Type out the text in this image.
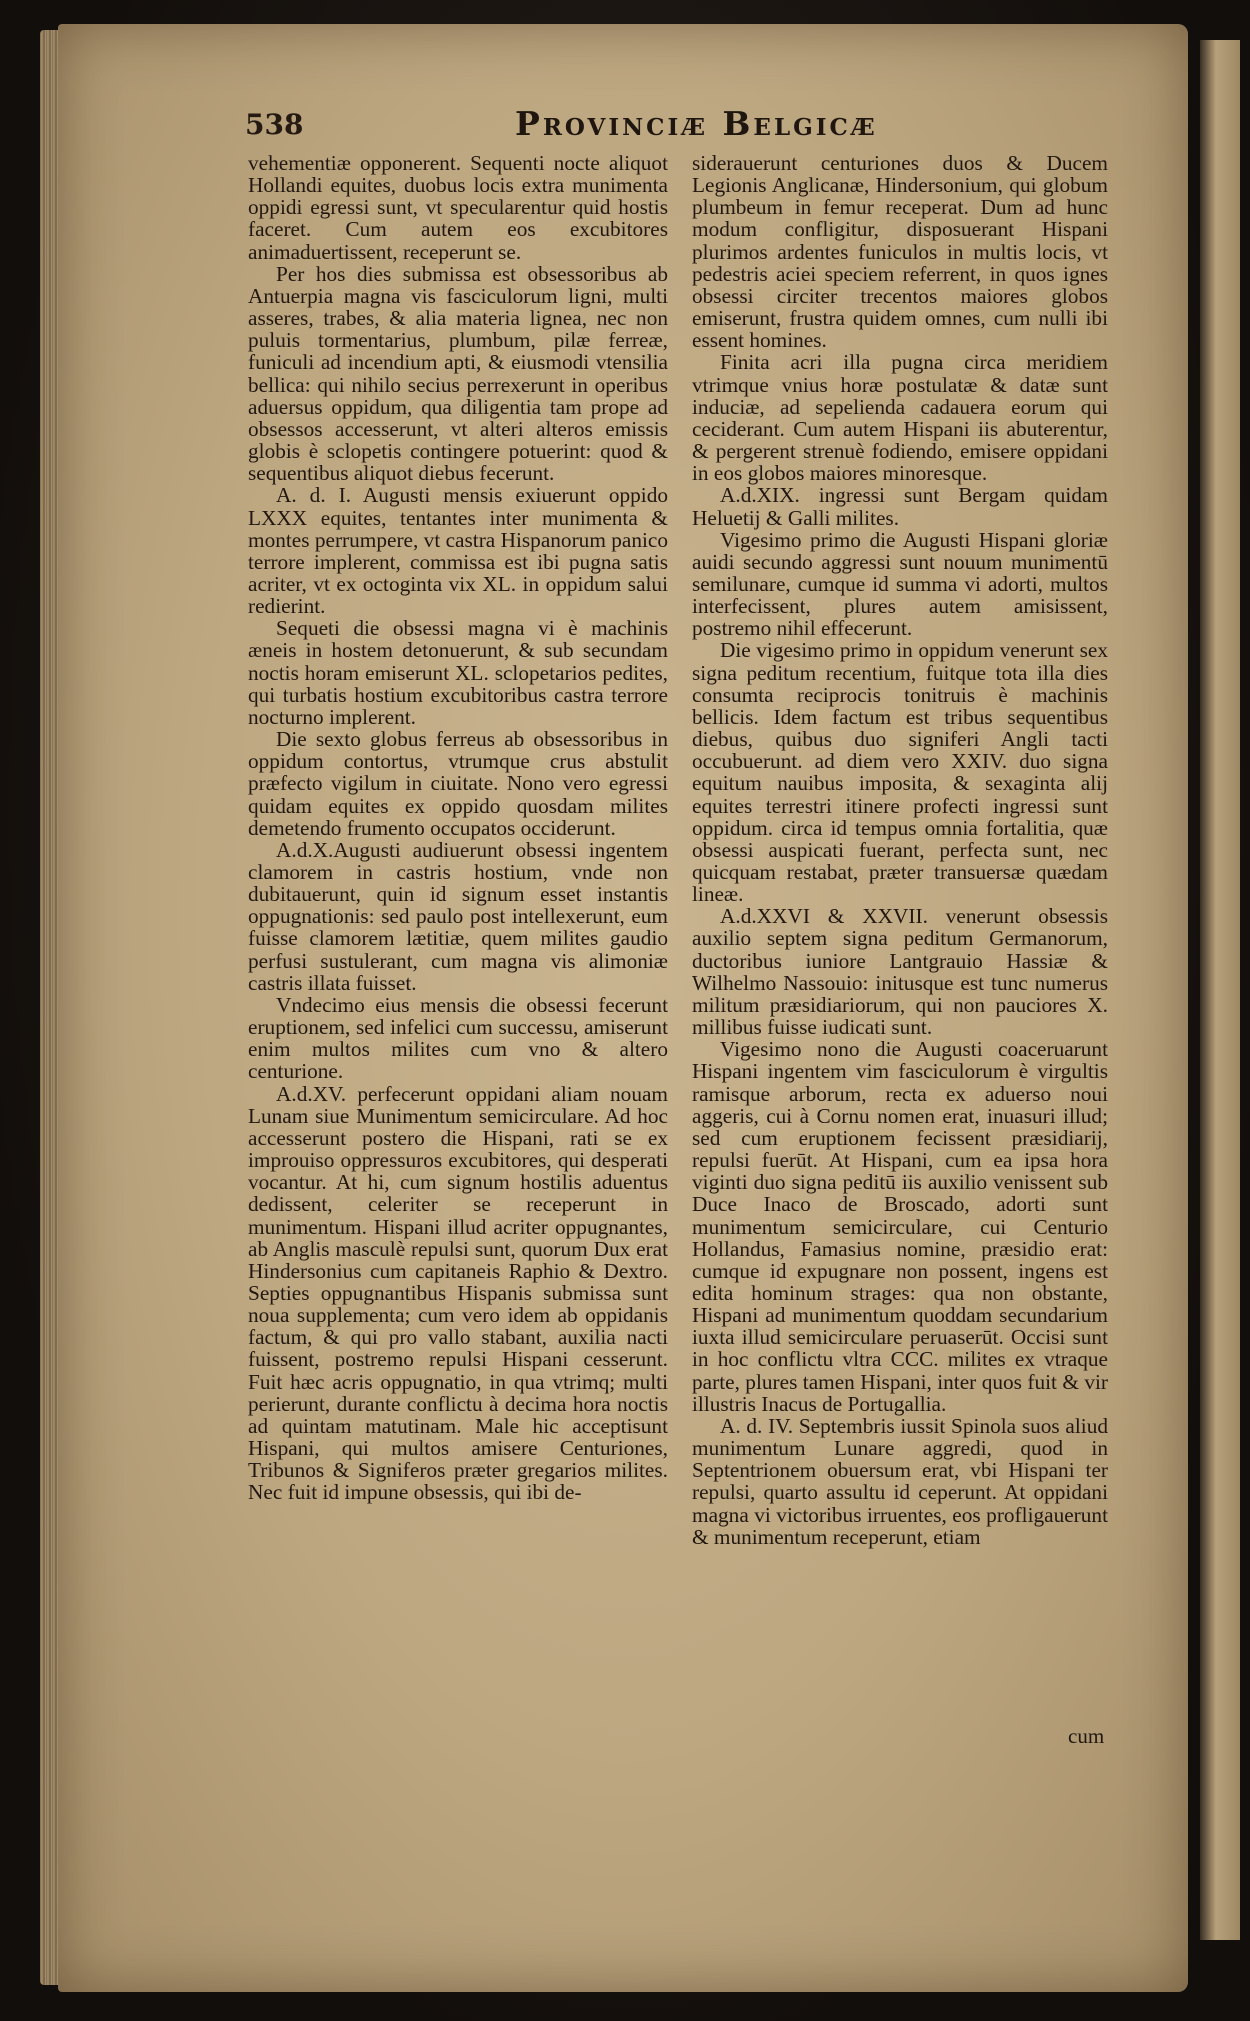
538	Provinciæ Belgicæ

vehementiæ opponerent. Sequenti nocte aliquot Hollandi equites, duobus locis extra munimenta oppidi egressi sunt, vt specularentur quid hostis faceret. Cum autem eos excubitores animaduertissent, receperunt se.

Per hos dies submissa est obsessoribus ab Antuerpia magna vis fasciculorum ligni, multi asseres, trabes, & alia materia lignea, nec non puluis tormentarius, plumbum, pilæ ferreæ, funiculi ad incendium apti, & eiusmodi vtensilia bellica: qui nihilo secius perrexerunt in operibus aduersus oppidum, qua diligentia tam prope ad obsessos accesserunt, vt alteri alteros emissis globis è sclopetis contingere potuerint: quod & sequentibus aliquot diebus fecerunt.

A. d. I. Augusti mensis exiuerunt oppido LXXX equites, tentantes inter munimenta & montes perrumpere, vt castra Hispanorum panico terrore implerent, commissa est ibi pugna satis acriter, vt ex octoginta vix XL. in oppidum salui redierint.

Sequeti die obsessi magna vi è machinis æneis in hostem detonuerunt, & sub secundam noctis horam emiserunt XL. sclopetarios pedites, qui turbatis hostium excubitoribus castra terrore nocturno implerent.

Die sexto globus ferreus ab obsessoribus in oppidum contortus, vtrumque crus abstulit præfecto vigilum in ciuitate. Nono vero egressi quidam equites ex oppido quosdam milites demetendo frumento occupatos occiderunt.

A.d.X.Augusti audiuerunt obsessi ingentem clamorem in castris hostium, vnde non dubitauerunt, quin id signum esset instantis oppugnationis: sed paulo post intellexerunt, eum fuisse clamorem lætitiæ, quem milites gaudio perfusi sustulerant, cum magna vis alimoniæ castris illata fuisset.

Vndecimo eius mensis die obsessi fecerunt eruptionem, sed infelici cum successu, amiserunt enim multos milites cum vno & altero centurione.

A.d.XV. perfecerunt oppidani aliam nouam Lunam siue Munimentum semicirculare. Ad hoc accesserunt postero die Hispani, rati se ex improuiso oppressuros excubitores, qui desperati vocantur. At hi, cum signum hostilis aduentus dedissent, celeriter se receperunt in munimentum. Hispani illud acriter oppugnantes, ab Anglis masculè repulsi sunt, quorum Dux erat Hindersonius cum capitaneis Raphio & Dextro. Septies oppugnantibus Hispanis submissa sunt noua supplementa; cum vero idem ab oppidanis factum, & qui pro vallo stabant, auxilia nacti fuissent, postremo repulsi Hispani cesserunt. Fuit hæc acris oppugnatio, in qua vtrimq; multi perierunt, durante conflictu à decima hora noctis ad quintam matutinam. Male hic acceptisunt Hispani, qui multos amisere Centuriones, Tribunos & Signiferos præter gregarios milites. Nec fuit id impune obsessis, qui ibi de-

siderauerunt centuriones duos & Ducem Legionis Anglicanæ, Hindersonium, qui globum plumbeum in femur receperat. Dum ad hunc modum confligitur, disposuerant Hispani plurimos ardentes funiculos in multis locis, vt pedestris aciei speciem referrent, in quos ignes obsessi circiter trecentos maiores globos emiserunt, frustra quidem omnes, cum nulli ibi essent homines.

Finita acri illa pugna circa meridiem vtrimque vnius horæ postulatæ & datæ sunt induciæ, ad sepelienda cadauera eorum qui ceciderant. Cum autem Hispani iis abuterentur, & pergerent strenuè fodiendo, emisere oppidani in eos globos maiores minoresque.

A.d.XIX. ingressi sunt Bergam quidam Heluetij & Galli milites.

Vigesimo primo die Augusti Hispani gloriæ auidi secundo aggressi sunt nouum munimentū semilunare, cumque id summa vi adorti, multos interfecissent, plures autem amisissent, postremo nihil effecerunt.

Die vigesimo primo in oppidum venerunt sex signa peditum recentium, fuitque tota illa dies consumta reciprocis tonitruis è machinis bellicis. Idem factum est tribus sequentibus diebus, quibus duo signiferi Angli tacti occubuerunt. ad diem vero XXIV. duo signa equitum nauibus imposita, & sexaginta alij equites terrestri itinere profecti ingressi sunt oppidum. circa id tempus omnia fortalitia, quæ obsessi auspicati fuerant, perfecta sunt, nec quicquam restabat, præter transuersæ quædam lineæ.

A.d.XXVI & XXVII. venerunt obsessis auxilio septem signa peditum Germanorum, ductoribus iuniore Lantgrauio Hassiæ & Wilhelmo Nassouio: initusque est tunc numerus militum præsidiariorum, qui non pauciores X. millibus fuisse iudicati sunt.

Vigesimo nono die Augusti coaceruarunt Hispani ingentem vim fasciculorum è virgultis ramisque arborum, recta ex aduerso noui aggeris, cui à Cornu nomen erat, inuasuri illud; sed cum eruptionem fecissent præsidiarij, repulsi fuerūt. At Hispani, cum ea ipsa hora viginti duo signa peditū iis auxilio venissent sub Duce Inaco de Broscado, adorti sunt munimentum semicirculare, cui Centurio Hollandus, Famasius nomine, præsidio erat: cumque id expugnare non possent, ingens est edita hominum strages: qua non obstante, Hispani ad munimentum quoddam secundarium iuxta illud semicirculare peruaserūt. Occisi sunt in hoc conflictu vltra CCC. milites ex vtraque parte, plures tamen Hispani, inter quos fuit & vir illustris Inacus de Portugallia.

A. d. IV. Septembris iussit Spinola suos aliud munimentum Lunare aggredi, quod in Septentrionem obuersum erat, vbi Hispani ter repulsi, quarto assultu id ceperunt. At oppidani magna vi victoribus irruentes, eos profligauerunt & munimentum receperunt, etiam

cum
